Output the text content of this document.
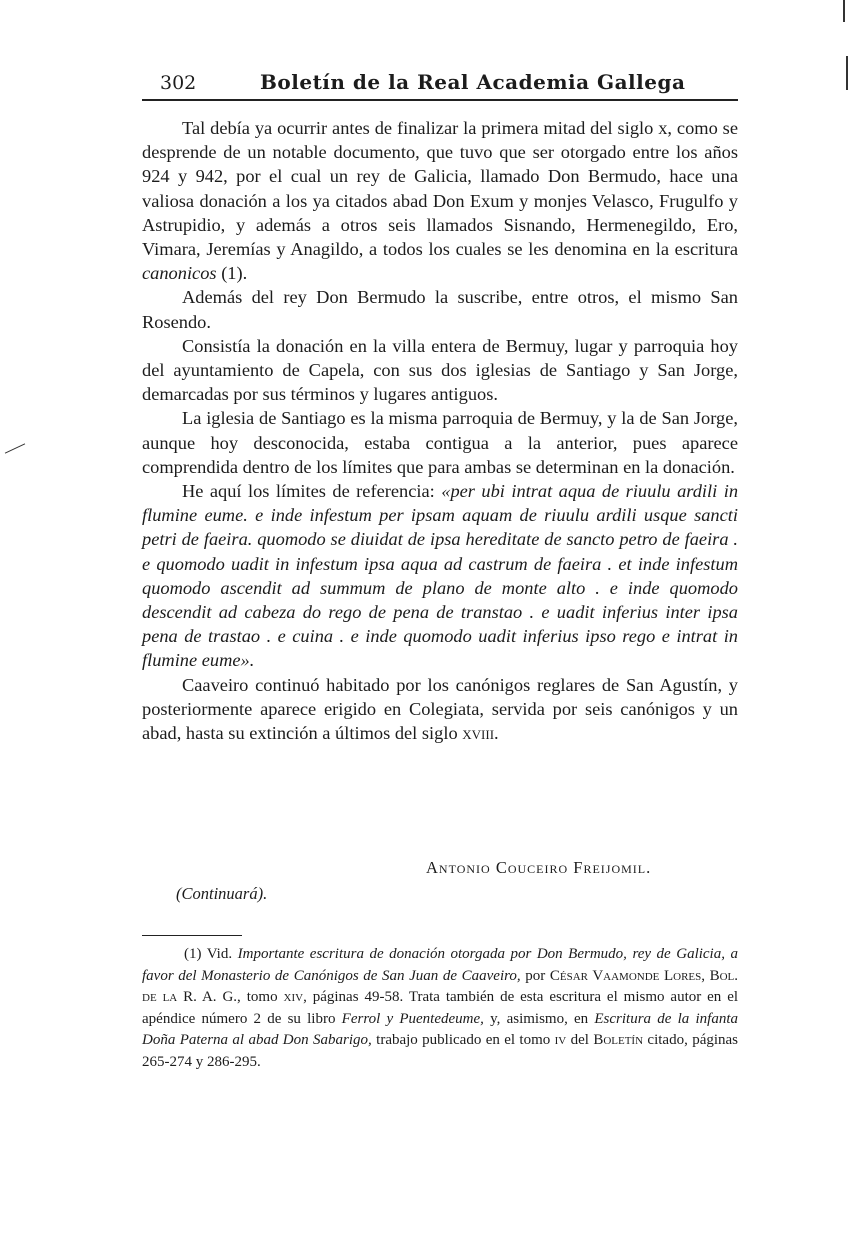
302	Boletín de la Real Academia Gallega

Tal debía ya ocurrir antes de finalizar la primera mitad del siglo x, como se desprende de un notable documento, que tuvo que ser otorgado entre los años 924 y 942, por el cual un rey de Galicia, llamado Don Bermudo, hace una valiosa donación a los ya citados abad Don Exum y monjes Velasco, Frugulfo y Astrupidio, y además a otros seis llamados Sisnando, Hermenegildo, Ero, Vimara, Jeremías y Anagildo, a todos los cuales se les denomina en la escritura canonicos (1).

Además del rey Don Bermudo la suscribe, entre otros, el mismo San Rosendo.

Consistía la donación en la villa entera de Bermuy, lugar y parroquia hoy del ayuntamiento de Capela, con sus dos iglesias de Santiago y San Jorge, demarcadas por sus términos y lugares antiguos.

La iglesia de Santiago es la misma parroquia de Bermuy, y la de San Jorge, aunque hoy desconocida, estaba contigua a la anterior, pues aparece comprendida dentro de los límites que para ambas se determinan en la donación.

He aquí los límites de referencia: «per ubi intrat aqua de riuulu ardili in flumine eume. e inde infestum per ipsam aquam de riuulu ardili usque sancti petri de faeira. quomodo se diuidat de ipsa hereditate de sancto petro de faeira . e quomodo uadit in infestum ipsa aqua ad castrum de faeira . et inde infestum quomodo ascendit ad summum de plano de monte alto . e inde quomodo descendit ad cabeza do rego de pena de transtao . e uadit inferius inter ipsa pena de trastao . e cuina . e inde quomodo uadit inferius ipso rego e intrat in flumine eume».

Caaveiro continuó habitado por los canónigos reglares de San Agustín, y posteriormente aparece erigido en Colegiata, servida por seis canónigos y un abad, hasta su extinción a últimos del siglo xviii.

Antonio Couceiro Freijomil.
(Continuará).

(1) Vid. Importante escritura de donación otorgada por Don Bermudo, rey de Galicia, a favor del Monasterio de Canónigos de San Juan de Caaveiro, por César Vaamonde Lores, Bol. de la R. A. G., tomo xiv, páginas 49-58. Trata también de esta escritura el mismo autor en el apéndice número 2 de su libro Ferrol y Puentedeume, y, asimismo, en Escritura de la infanta Doña Paterna al abad Don Sabarigo, trabajo publicado en el tomo iv del Boletín citado, páginas 265-274 y 286-295.
